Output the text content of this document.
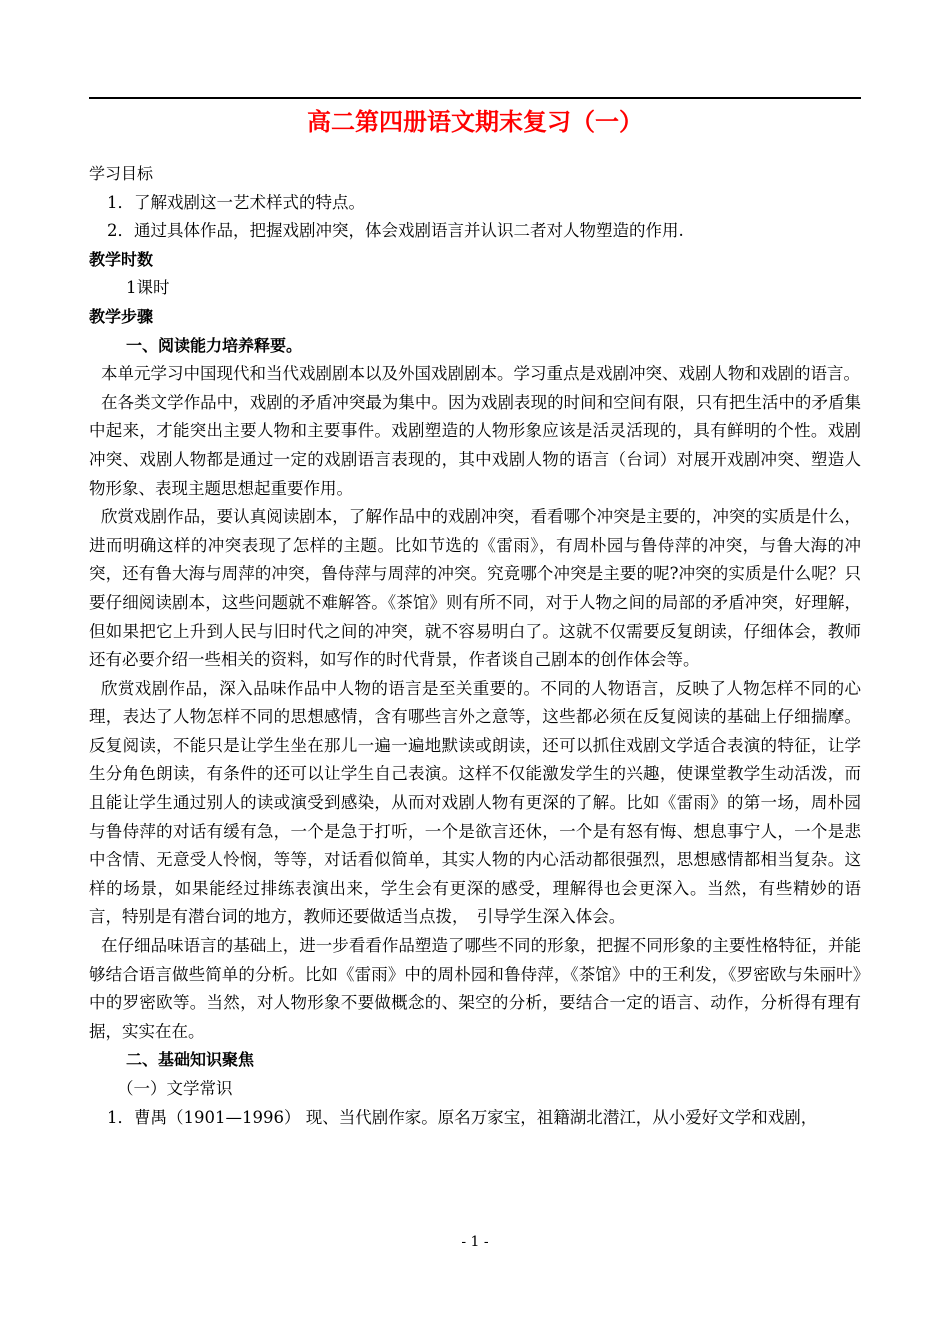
高二第四册语文期末复习（一）

学习目标

1．了解戏剧这一艺术样式的特点。

2．通过具体作品，把握戏剧冲突，体会戏剧语言并认识二者对人物塑造的作用.

教学时数

1课时

教学步骤

一、阅读能力培养释要。

本单元学习中国现代和当代戏剧剧本以及外国戏剧剧本。学习重点是戏剧冲突、戏剧人物和戏剧的语言。

在各类文学作品中，戏剧的矛盾冲突最为集中。因为戏剧表现的时间和空间有限，只有把生活中的矛盾集中起来，才能突出主要人物和主要事件。戏剧塑造的人物形象应该是活灵活现的，具有鲜明的个性。戏剧冲突、戏剧人物都是通过一定的戏剧语言表现的，其中戏剧人物的语言（台词）对展开戏剧冲突、塑造人物形象、表现主题思想起重要作用。

欣赏戏剧作品，要认真阅读剧本，了解作品中的戏剧冲突，看看哪个冲突是主要的，冲突的实质是什么，进而明确这样的冲突表现了怎样的主题。比如节选的《雷雨》，有周朴园与鲁侍萍的冲突，与鲁大海的冲突，还有鲁大海与周萍的冲突，鲁侍萍与周萍的冲突。究竟哪个冲突是主要的呢?冲突的实质是什么呢？只要仔细阅读剧本，这些问题就不难解答。《茶馆》则有所不同，对于人物之间的局部的矛盾冲突，好理解，但如果把它上升到人民与旧时代之间的冲突，就不容易明白了。这就不仅需要反复朗读，仔细体会，教师还有必要介绍一些相关的资料，如写作的时代背景，作者谈自己剧本的创作体会等。

欣赏戏剧作品，深入品味作品中人物的语言是至关重要的。不同的人物语言，反映了人物怎样不同的心理，表达了人物怎样不同的思想感情，含有哪些言外之意等，这些都必须在反复阅读的基础上仔细揣摩。反复阅读，不能只是让学生坐在那儿一遍一遍地默读或朗读，还可以抓住戏剧文学适合表演的特征，让学生分角色朗读，有条件的还可以让学生自己表演。这样不仅能激发学生的兴趣，使课堂教学生动活泼，而且能让学生通过别人的读或演受到感染，从而对戏剧人物有更深的了解。比如《雷雨》的第一场，周朴园与鲁侍萍的对话有缓有急，一个是急于打听，一个是欲言还休，一个是有怒有悔、想息事宁人，一个是悲中含情、无意受人怜悯，等等，对话看似简单，其实人物的内心活动都很强烈，思想感情都相当复杂。这样的场景，如果能经过排练表演出来，学生会有更深的感受，理解得也会更深入。当然，有些精妙的语言，特别是有潜台词的地方，教师还要做适当点拨，　引导学生深入体会。

在仔细品味语言的基础上，进一步看看作品塑造了哪些不同的形象，把握不同形象的主要性格特征，并能够结合语言做些简单的分析。比如《雷雨》中的周朴园和鲁侍萍，《茶馆》中的王利发，《罗密欧与朱丽叶》中的罗密欧等。当然，对人物形象不要做概念的、架空的分析，要结合一定的语言、动作，分析得有理有据，实实在在。

二、基础知识聚焦

（一）文学常识

1．曹禺（1901—1996） 现、当代剧作家。原名万家宝，祖籍湖北潜江，从小爱好文学和戏剧，

- 1 -
